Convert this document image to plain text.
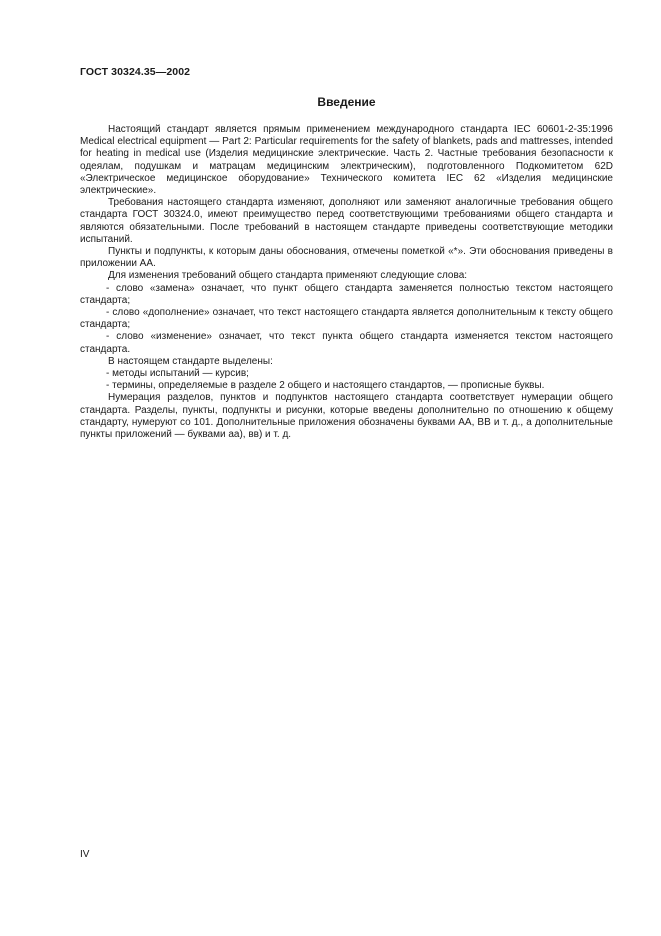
ГОСТ 30324.35—2002
Введение

Настоящий стандарт является прямым применением международного стандарта IEC 60601-2-35:1996 Medical electrical equipment — Part 2: Particular requirements for the safety of blankets, pads and mattresses, intended for heating in medical use (Изделия медицинские электрические. Часть 2. Частные требования безопасности к одеялам, подушкам и матрацам медицинским электрическим), подготовленного Подкомитетом 62D «Электрическое медицинское оборудование» Технического комитета IEC 62 «Изделия медицинские электрические».

Требования настоящего стандарта изменяют, дополняют или заменяют аналогичные требования общего стандарта ГОСТ 30324.0, имеют преимущество перед соответствующими требованиями общего стандарта и являются обязательными. После требований в настоящем стандарте приведены соответствующие методики испытаний.

Пункты и подпункты, к которым даны обоснования, отмечены пометкой «*». Эти обоснования приведены в приложении АА.

Для изменения требований общего стандарта применяют следующие слова:

- слово «замена» означает, что пункт общего стандарта заменяется полностью текстом настоящего стандарта;

- слово «дополнение» означает, что текст настоящего стандарта является дополнительным к тексту общего стандарта;

- слово «изменение» означает, что текст пункта общего стандарта изменяется текстом настоящего стандарта.

В настоящем стандарте выделены:

- методы испытаний — курсив;

- термины, определяемые в разделе 2 общего и настоящего стандартов, — прописные буквы.

Нумерация разделов, пунктов и подпунктов настоящего стандарта соответствует нумерации общего стандарта. Разделы, пункты, подпункты и рисунки, которые введены дополнительно по отношению к общему стандарту, нумеруют со 101. Дополнительные приложения обозначены буквами АА, ВВ и т. д., а дополнительные пункты приложений — буквами аа), вв) и т. д.

IV
